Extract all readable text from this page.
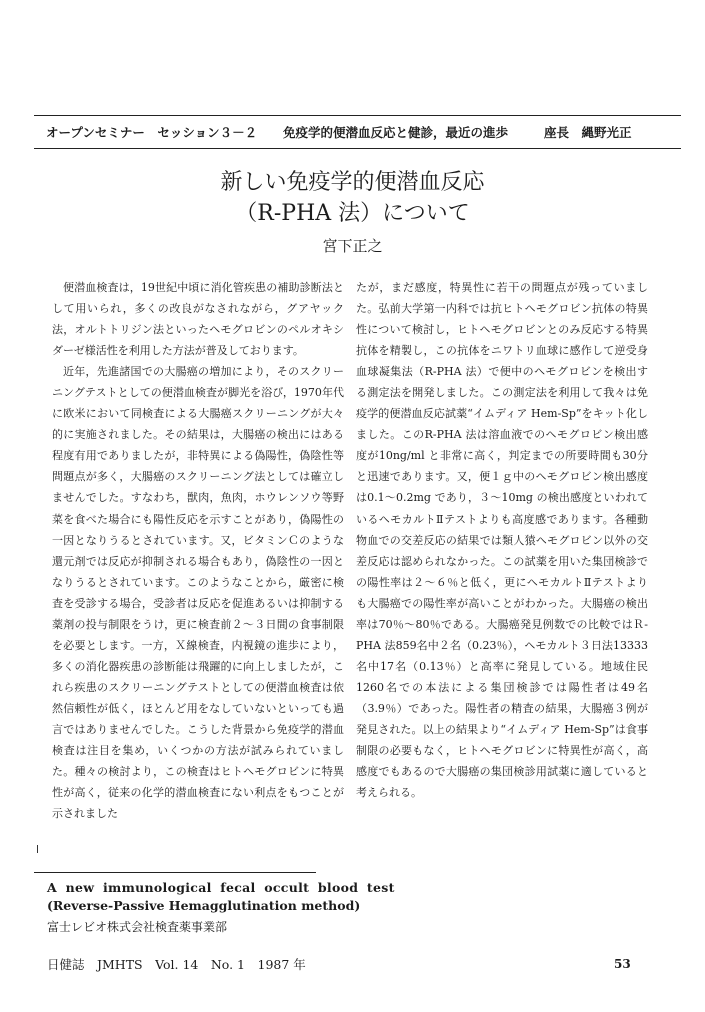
オープンセミナー　セッション３－２ 免疫学的便潜血反応と健診，最近の進歩	座長　縄野光正
新しい免疫学的便潜血反応
（R-PHA 法）について
宮下正之

便潜血検査は，19世紀中頃に消化管疾患の補助診断法として用いられ，多くの改良がなされながら，グアヤック法，オルトトリジン法といったヘモグロビンのペルオキシダーゼ様活性を利用した方法が普及しております。

近年，先進諸国での大腸癌の増加により，そのスクリーニングテストとしての便潜血検査が脚光を浴び，1970年代に欧米において同検査による大腸癌スクリーニングが大々的に実施されました。その結果は，大腸癌の検出にはある程度有用でありましたが，非特異による偽陽性，偽陰性等問題点が多く，大腸癌のスクリーニング法としては確立しませんでした。すなわち，獣肉，魚肉，ホウレンソウ等野菜を食べた場合にも陽性反応を示すことがあり，偽陽性の一因となりうるとされています。又，ビタミンＣのような還元剤では反応が抑制される場合もあり，偽陰性の一因となりうるとされています。このようなことから，厳密に検査を受診する場合，受診者は反応を促進あるいは抑制する薬剤の投与制限をうけ，更に検査前２～３日間の食事制限を必要とします。一方，Ｘ線検査，内視鏡の進歩により，多くの消化器疾患の診断能は飛躍的に向上しましたが，これら疾患のスクリーニングテストとしての便潜血検査は依然信頼性が低く，ほとんど用をなしていないといっても過言ではありませんでした。こうした背景から免疫学的潜血検査は注目を集め，いくつかの方法が試みられていました。種々の検討より，この検査はヒトヘモグロビンに特異性が高く，従来の化学的潜血検査にない利点をもつことが示されました

たが，まだ感度，特異性に若干の問題点が残っていました。弘前大学第一内科では抗ヒトヘモグロビン抗体の特異性について検討し，ヒトヘモグロビンとのみ反応する特異抗体を精製し，この抗体をニワトリ血球に感作して逆受身血球凝集法（R-PHA 法）で便中のヘモグロビンを検出する測定法を開発しました。この測定法を利用して我々は免疫学的便潜血反応試薬“イムディア Hem-Sp”をキット化しました。このR-PHA 法は溶血液でのヘモグロビン検出感度が10ng/ml と非常に高く，判定までの所要時間も30分と迅速であります。又，便１ｇ中のヘモグロビン検出感度は0.1～0.2mg であり，３～10mg の検出感度といわれているヘモカルトⅡテストよりも高度感であります。各種動物血での交差反応の結果では類人猿ヘモグロビン以外の交差反応は認められなかった。この試薬を用いた集団検診での陽性率は２～６％と低く，更にヘモカルトⅡテストよりも大腸癌での陽性率が高いことがわかった。大腸癌の検出率は70％～80％である。大腸癌発見例数での比較ではＲ-PHA 法859名中２名（0.23％），ヘモカルト３日法13333名中17名（0.13％）と高率に発見している。地域住民1260名での本法による集団検診では陽性者は49名（3.9％）であった。陽性者の精査の結果，大腸癌３例が発見された。以上の結果より“イムディア Hem-Sp”は食事制限の必要もなく，ヒトヘモグロビンに特異性が高く，高感度でもあるので大腸癌の集団検診用試薬に適していると考えられる。

A new immunological fecal occult blood test
(Reverse-Passive Hemagglutination method)
富士レビオ株式会社検査薬事業部
日健誌　JMHTS　Vol. 14　No. 1　1987 年	53
